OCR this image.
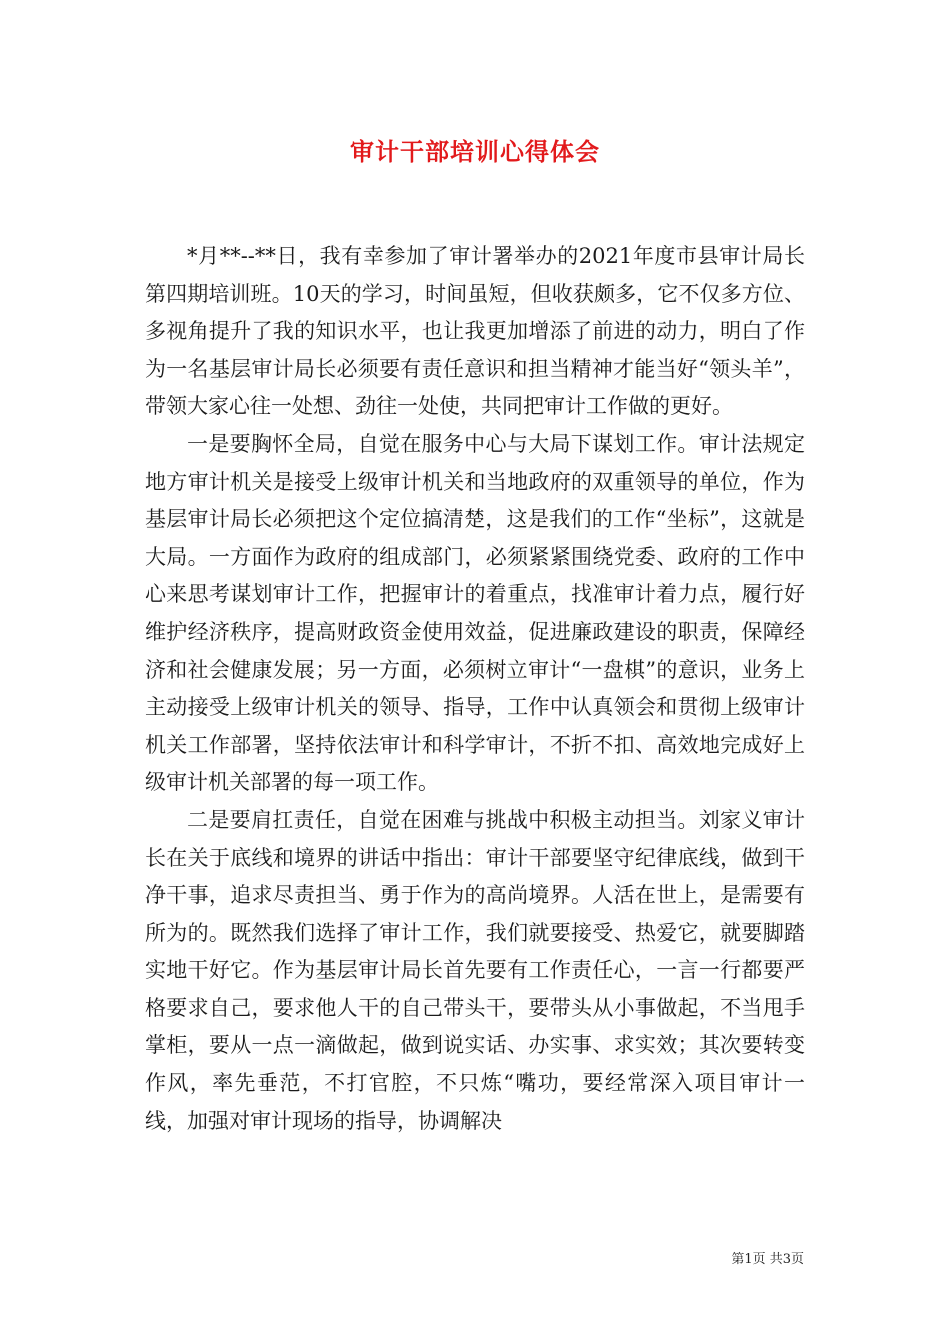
审计干部培训心得体会

*月**--**日，我有幸参加了审计署举办的2021年度市县审计局长第四期培训班。10天的学习，时间虽短，但收获颇多，它不仅多方位、多视角提升了我的知识水平，也让我更加增添了前进的动力，明白了作为一名基层审计局长必须要有责任意识和担当精神才能当好“领头羊”，带领大家心往一处想、劲往一处使，共同把审计工作做的更好。

一是要胸怀全局，自觉在服务中心与大局下谋划工作。审计法规定地方审计机关是接受上级审计机关和当地政府的双重领导的单位，作为基层审计局长必须把这个定位搞清楚，这是我们的工作“坐标”，这就是大局。一方面作为政府的组成部门，必须紧紧围绕党委、政府的工作中心来思考谋划审计工作，把握审计的着重点，找准审计着力点，履行好维护经济秩序，提高财政资金使用效益，促进廉政建设的职责，保障经济和社会健康发展；另一方面，必须树立审计“一盘棋”的意识，业务上主动接受上级审计机关的领导、指导，工作中认真领会和贯彻上级审计机关工作部署，坚持依法审计和科学审计，不折不扣、高效地完成好上级审计机关部署的每一项工作。

二是要肩扛责任，自觉在困难与挑战中积极主动担当。刘家义审计长在关于底线和境界的讲话中指出：审计干部要坚守纪律底线，做到干净干事，追求尽责担当、勇于作为的高尚境界。人活在世上，是需要有所为的。既然我们选择了审计工作，我们就要接受、热爱它，就要脚踏实地干好它。作为基层审计局长首先要有工作责任心，一言一行都要严格要求自己，要求他人干的自己带头干，要带头从小事做起，不当甩手掌柜，要从一点一滴做起，做到说实话、办实事、求实效；其次要转变作风，率先垂范，不打官腔，不只炼“嘴功，要经常深入项目审计一线，加强对审计现场的指导，协调解决

第1页 共3页
